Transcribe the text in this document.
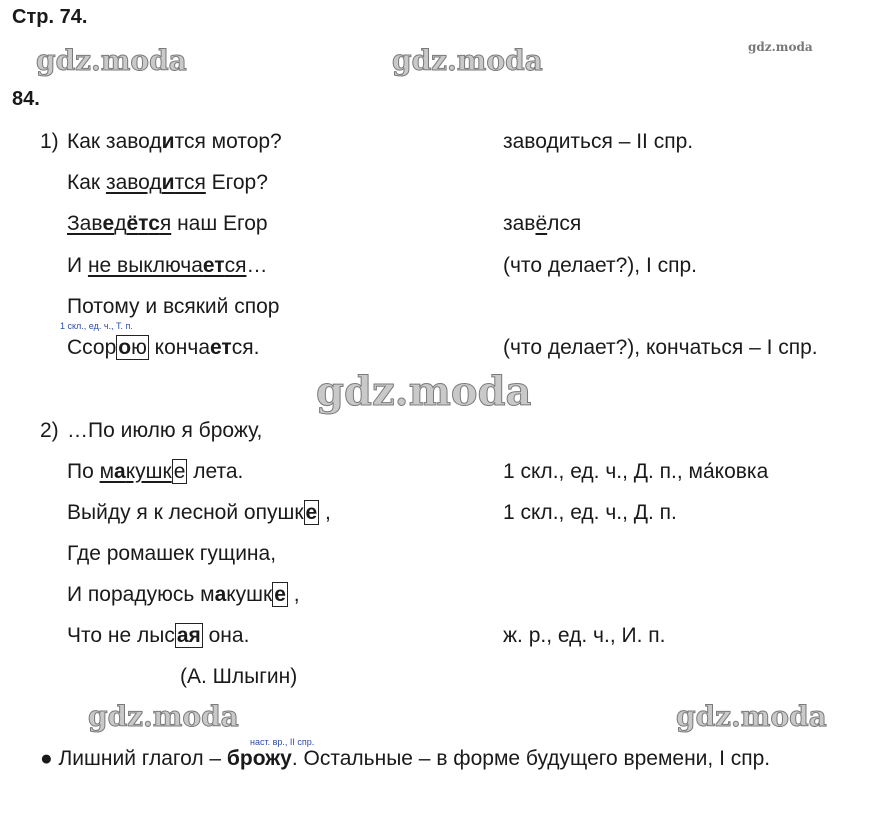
Стр. 74.
84.
gdz.moda	gdz.moda	gdz.moda
gdz.moda
gdz.moda	gdz.moda
1) Как заводится мотор?	заводиться – II спр.
Как заводится Егор?
Заведётся наш Егор	завёлся
И не выключается…	(что делает?), I спр.
Потому и всякий спор
1 скл., ед. ч., Т. п.
Ссорою кончается.	(что делает?), кончаться – I спр.
2) …По июлю я брожу,
По макушке лета.	1 скл., ед. ч., Д. п., ма́ковка
Выйду я к лесной опушке ,	1 скл., ед. ч., Д. п.
Где ромашек гущина,
И порадуюсь макушке ,
Что не лысая она.	ж. р., ед. ч., И. п.
(А. Шлыгин)
наст. вр., II спр.
● Лишний глагол – брожу. Остальные – в форме будущего времени, I спр.
